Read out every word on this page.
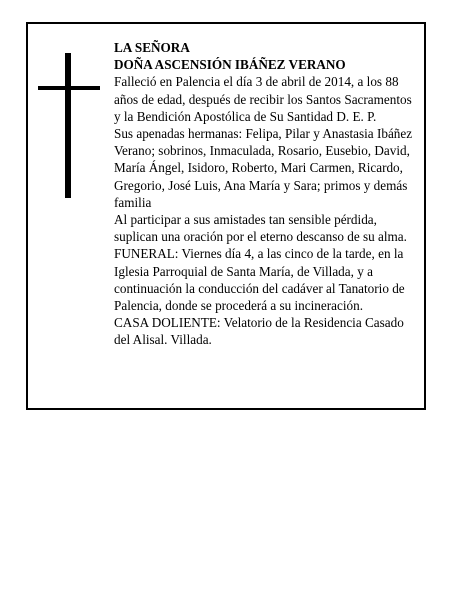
LA SEÑORA

DOÑA ASCENSIÓN IBÁÑEZ VERANO

Falleció en Palencia el día 3 de abril de 2014, a los 88 años de edad, después de recibir los Santos Sacramentos y la Bendición Apostólica de Su Santidad D. E. P.

Sus apenadas hermanas: Felipa, Pilar y Anastasia Ibáñez Verano; sobrinos, Inmaculada, Rosario, Eusebio, David, María Ángel, Isidoro, Roberto, Mari Carmen, Ricardo, Gregorio, José Luis, Ana María y Sara; primos y demás familia

Al participar a sus amistades tan sensible pérdida, suplican una oración por el eterno descanso de su alma.

FUNERAL: Viernes día 4, a las cinco de la tarde, en la Iglesia Parroquial de Santa María, de Villada, y a continuación la conducción del cadáver al Tanatorio de Palencia, donde se procederá a su incineración.

CASA DOLIENTE: Velatorio de la Residencia Casado del Alisal. Villada.
